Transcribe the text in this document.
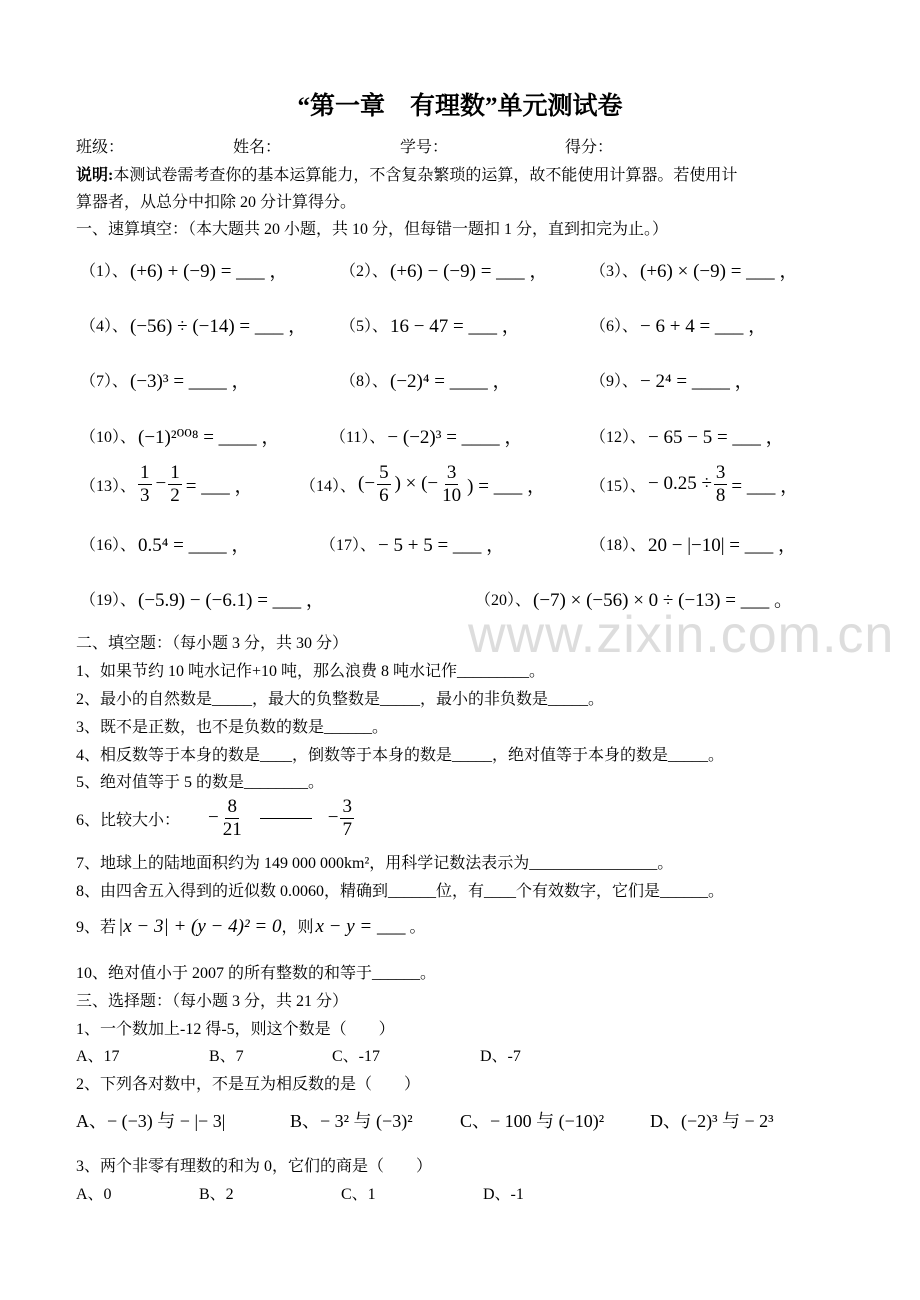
“第一章　有理数”单元测试卷
班级：	姓名：	学号：	得分：
说明:本测试卷需考查你的基本运算能力，不含复杂繁琐的运算，故不能使用计算器。若使用计
算器者，从总分中扣除 20 分计算得分。
一、速算填空：（本大题共 20 小题，共 10 分，但每错一题扣 1 分，直到扣完为止。）
（1）、 (+6) + (−9) = ___ ，	（2）、 (+6) − (−9) = ___ ，	（3）、 (+6) × (−9) = ___ ，
（4）、 (−56) ÷ (−14) = ___ ， （5）、 16 − 47 = ___ ，	（6）、 − 6 + 4 = ___ ，
（7）、 (−3)³ = ____ ，	（8）、 (−2)⁴ = ____ ，	（9）、 − 2⁴ = ____ ，
（10）、 (−1)²⁰⁰⁸ = ____ ，	（11）、 − (−2)³ = ____ ，	（12）、 − 65 − 5 = ___ ，
（13）、 $\frac{1}{3} - \frac{1}{2}$ = ___ ，	（14）、 (− $\frac{5}{6}$ ) × (− $\frac{3}{10}$ ) = ___ ，	（15）、 − $0.25 \div \frac{3}{8}$ = ___ ，
（16）、 0.5⁴ = ____ ，	（17）、 − 5 + 5 = ___ ，	（18）、 20 − |−10| = ___ ，
（19）、 (−5.9) − (−6.1) = ___ ，	（20）、 (−7) × (−56) × 0 ÷ (−13) = ___ 。
www.zixin.com.cn
二、填空题：（每小题 3 分，共 30 分）
1、如果节约 10 吨水记作+10 吨，那么浪费 8 吨水记作_________。
2、最小的自然数是_____，最大的负整数是_____，最小的非负数是_____。
3、既不是正数，也不是负数的数是______。
4、相反数等于本身的数是____，倒数等于本身的数是_____，绝对值等于本身的数是_____。
5、绝对值等于 5 的数是________。
6、比较大小： − $\frac{8}{21}$	− $\frac{3}{7}$
7、地球上的陆地面积约为 149 000 000km²，用科学记数法表示为________________。
8、由四舍五入得到的近似数 0.0060，精确到______位，有____个有效数字，它们是______。
9、若 |x − 3| + (y − 4)² = 0，则 x − y = ___ 。
10、绝对值小于 2007 的所有整数的和等于______。
三、选择题：（每小题 3 分，共 21 分）
1、一个数加上-12 得-5，则这个数是（　　）
A、17	B、7	C、-17	D、-7
2、下列各对数中，不是互为相反数的是（　　）
A、− (−3) 与 − |− 3|	B、− 3² 与 (−3)²	C、− 100 与 (−10)²	D、(−2)³ 与 − 2³
3、两个非零有理数的和为 0，它们的商是（　　）
A、0	B、2	C、1	D、-1
